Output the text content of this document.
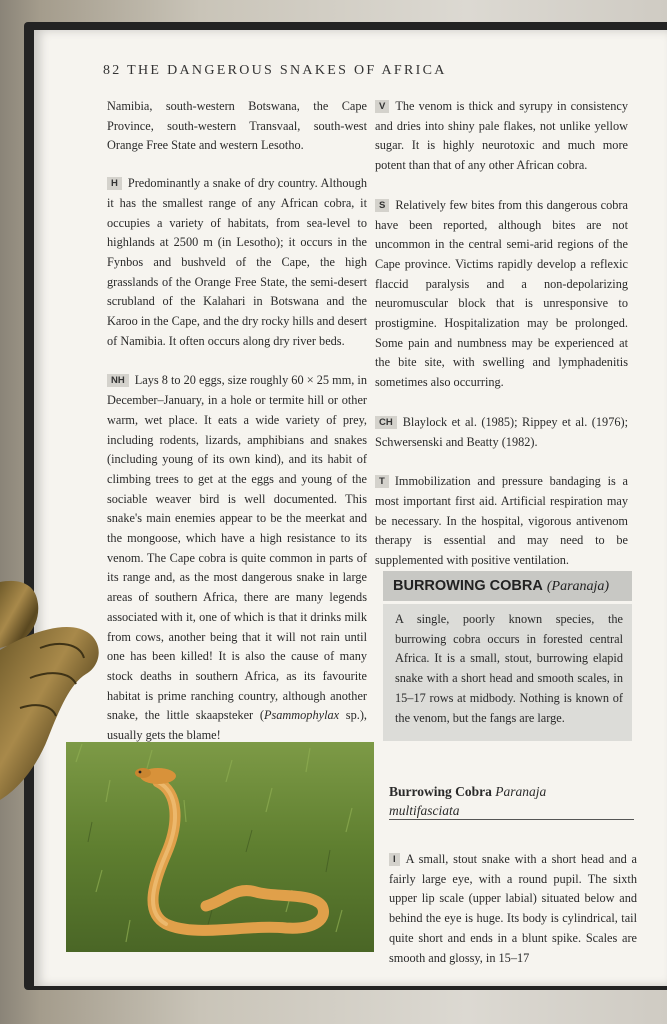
82 THE DANGEROUS SNAKES OF AFRICA

Namibia, south-western Botswana, the Cape Province, south-western Transvaal, south-west Orange Free State and western Lesotho.

H Predominantly a snake of dry country. Although it has the smallest range of any African cobra, it occupies a variety of habitats, from sea-level to highlands at 2500 m (in Lesotho); it occurs in the Fynbos and bushveld of the Cape, the high grasslands of the Orange Free State, the semi-desert scrubland of the Kalahari in Botswana and the Karoo in the Cape, and the dry rocky hills and desert of Namibia. It often occurs along dry river beds.

NH Lays 8 to 20 eggs, size roughly 60 × 25 mm, in December–January, in a hole or termite hill or other warm, wet place. It eats a wide variety of prey, including rodents, lizards, amphibians and snakes (including young of its own kind), and its habit of climbing trees to get at the eggs and young of the sociable weaver bird is well documented. This snake's main enemies appear to be the meerkat and the mongoose, which have a high resistance to its venom. The Cape cobra is quite common in parts of its range and, as the most dangerous snake in large areas of southern Africa, there are many legends associated with it, one of which is that it drinks milk from cows, another being that it will not rain until one has been killed! It is also the cause of many stock deaths in southern Africa, as its favourite habitat is prime ranching country, although another snake, the little skaapsteker (Psammophylax sp.), usually gets the blame!

V The venom is thick and syrupy in consistency and dries into shiny pale flakes, not unlike yellow sugar. It is highly neurotoxic and much more potent than that of any other African cobra.

S Relatively few bites from this dangerous cobra have been reported, although bites are not uncommon in the central semi-arid regions of the Cape province. Victims rapidly develop a reflexic flaccid paralysis and a non-depolarizing neuromuscular block that is unresponsive to prostigmine. Hospitalization may be prolonged. Some pain and numbness may be experienced at the bite site, with swelling and lymphadenitis sometimes also occurring.

CH Blaylock et al. (1985); Rippey et al. (1976); Schwersenski and Beatty (1982).

T Immobilization and pressure bandaging is a most important first aid. Artificial respiration may be necessary. In the hospital, vigorous antivenom therapy is essential and may need to be supplemented with positive ventilation.

BURROWING COBRA (Paranaja)

A single, poorly known species, the burrowing cobra occurs in forested central Africa. It is a small, stout, burrowing elapid snake with a short head and smooth scales, in 15–17 rows at midbody. Nothing is known of the venom, but the fangs are large.

Burrowing Cobra Paranaja
multifasciata

I A small, stout snake with a short head and a fairly large eye, with a round pupil. The sixth upper lip scale (upper labial) situated below and behind the eye is huge. Its body is cylindrical, tail quite short and ends in a blunt spike. Scales are smooth and glossy, in 15–17
